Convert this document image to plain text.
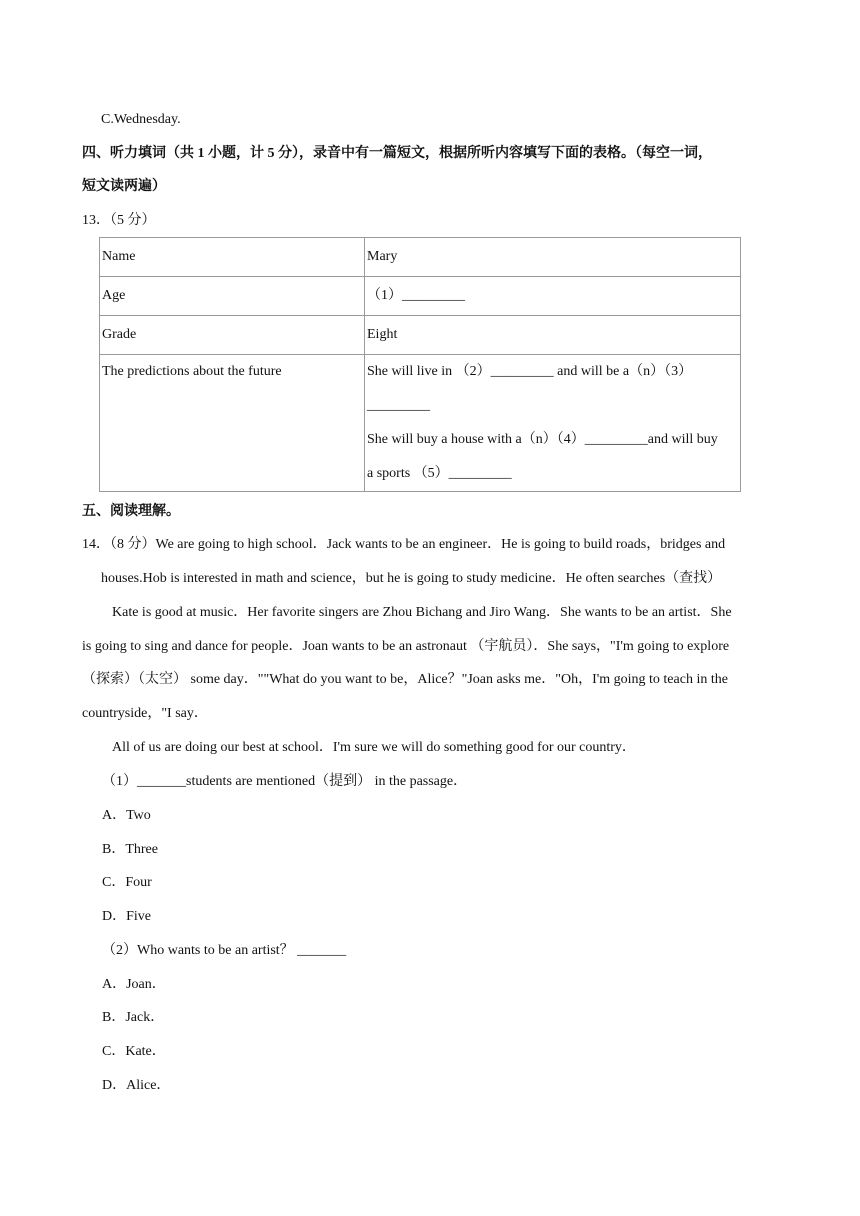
C.Wednesday.
四、听力填词（共 1 小题，计 5 分），录音中有一篇短文，根据所听内容填写下面的表格。（每空一词，
短文读两遍）
13．（5 分）
Name	Mary
Age	（1）_________
Grade	Eight
The predictions about the future	She will live in （2）_________ and will be a（n）（3）
_________
She will buy a house with a（n）（4）_________and will buy
a sports （5）_________
五、阅读理解。
14．（8 分）We are going to high school．Jack wants to be an engineer．He is going to build roads，bridges and
houses.Hob is interested in math and science，but he is going to study medicine．He often searches（查找）
Kate is good at music．Her favorite singers are Zhou Bichang and Jiro Wang．She wants to be an artist．She
is going to sing and dance for people．Joan wants to be an astronaut （宇航员）．She says，"I'm going to explore
（探索）（太空） some day．""What do you want to be，Alice？"Joan asks me．"Oh，I'm going to teach in the
countryside，"I say．
All of us are doing our best at school．I'm sure we will do something good for our country．
（1）_______students are mentioned（提到） in the passage．
A．Two
B．Three
C．Four
D．Five
（2）Who wants to be an artist？ _______
A．Joan．
B．Jack．
C．Kate．
D．Alice．
